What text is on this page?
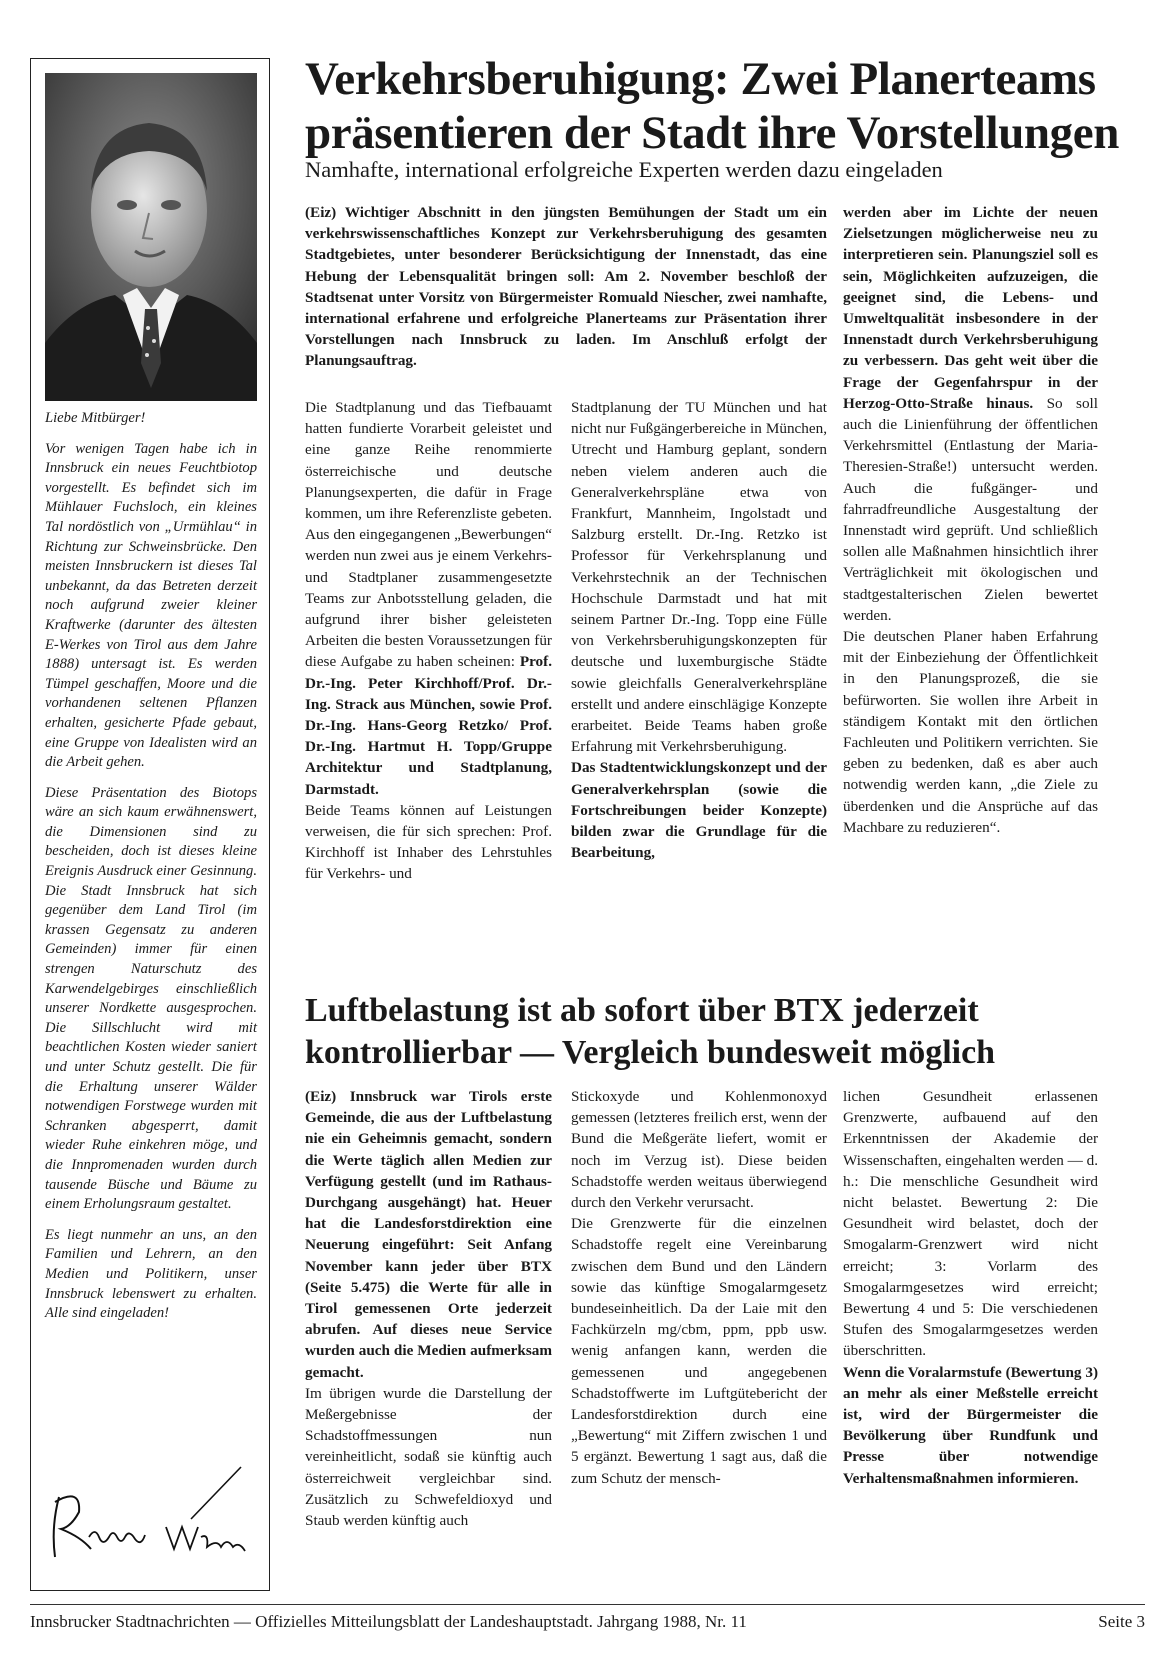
Liebe Mitbürger!

Vor wenigen Tagen habe ich in Innsbruck ein neues Feuchtbiotop vorgestellt. Es befindet sich im Mühlauer Fuchsloch, ein kleines Tal nordöstlich von „Urmühlau“ in Richtung zur Schweinsbrücke. Den meisten Innsbruckern ist dieses Tal unbekannt, da das Betreten derzeit noch aufgrund zweier kleiner Kraftwerke (darunter des ältesten E-Werkes von Tirol aus dem Jahre 1888) untersagt ist. Es werden Tümpel geschaffen, Moore und die vorhandenen seltenen Pflanzen erhalten, gesicherte Pfade gebaut, eine Gruppe von Idealisten wird an die Arbeit gehen.

Diese Präsentation des Biotops wäre an sich kaum erwähnenswert, die Dimensionen sind zu bescheiden, doch ist dieses kleine Ereignis Ausdruck einer Gesinnung. Die Stadt Innsbruck hat sich gegenüber dem Land Tirol (im krassen Gegensatz zu anderen Gemeinden) immer für einen strengen Naturschutz des Karwendelgebirges einschließlich unserer Nordkette ausgesprochen. Die Sillschlucht wird mit beachtlichen Kosten wieder saniert und unter Schutz gestellt. Die für die Erhaltung unserer Wälder notwendigen Forstwege wurden mit Schranken abgesperrt, damit wieder Ruhe einkehren möge, und die Innpromenaden wurden durch tausende Büsche und Bäume zu einem Erholungsraum gestaltet.

Es liegt nunmehr an uns, an den Familien und Lehrern, an den Medien und Politikern, unser Innsbruck lebenswert zu erhalten. Alle sind eingeladen!

Verkehrsberuhigung: Zwei Planerteams präsentieren der Stadt ihre Vorstellungen
Namhafte, international erfolgreiche Experten werden dazu eingeladen

(Eiz) Wichtiger Abschnitt in den jüngsten Bemühungen der Stadt um ein verkehrswissenschaftliches Konzept zur Verkehrsberuhigung des gesamten Stadtgebietes, unter besonderer Berücksichtigung der Innenstadt, das eine Hebung der Lebensqualität bringen soll: Am 2. November beschloß der Stadtsenat unter Vorsitz von Bürgermeister Romuald Niescher, zwei namhafte, international erfahrene und erfolgreiche Planerteams zur Präsentation ihrer Vorstellungen nach Innsbruck zu laden. Im Anschluß erfolgt der Planungsauftrag.

Die Stadtplanung und das Tiefbauamt hatten fundierte Vorarbeit geleistet und eine ganze Reihe renommierte österreichische und deutsche Planungsexperten, die dafür in Frage kommen, um ihre Referenzliste gebeten. Aus den eingegangenen „Bewerbungen“ werden nun zwei aus je einem Verkehrs- und Stadtplaner zusammengesetzte Teams zur Anbotsstellung geladen, die aufgrund ihrer bisher geleisteten Arbeiten die besten Voraussetzungen für diese Aufgabe zu haben scheinen: Prof. Dr.-Ing. Peter Kirchhoff/Prof. Dr.-Ing. Strack aus München, sowie Prof. Dr.-Ing. Hans-Georg Retzko/ Prof. Dr.-Ing. Hartmut H. Topp/Gruppe Architektur und Stadtplanung, Darmstadt.

Beide Teams können auf Leistungen verweisen, die für sich sprechen: Prof. Kirchhoff ist Inhaber des Lehrstuhles für Verkehrs- und

Stadtplanung der TU München und hat nicht nur Fußgängerbereiche in München, Utrecht und Hamburg geplant, sondern neben vielem anderen auch die Generalverkehrspläne etwa von Frankfurt, Mannheim, Ingolstadt und Salzburg erstellt. Dr.-Ing. Retzko ist Professor für Verkehrsplanung und Verkehrstechnik an der Technischen Hochschule Darmstadt und hat mit seinem Partner Dr.-Ing. Topp eine Fülle von Verkehrsberuhigungskonzepten für deutsche und luxemburgische Städte sowie gleichfalls Generalverkehrspläne erstellt und andere einschlägige Konzepte erarbeitet. Beide Teams haben große Erfahrung mit Verkehrsberuhigung.

Das Stadtentwicklungskonzept und der Generalverkehrsplan (sowie die Fortschreibungen beider Konzepte) bilden zwar die Grundlage für die Bearbeitung,

werden aber im Lichte der neuen Zielsetzungen möglicherweise neu zu interpretieren sein. Planungsziel soll es sein, Möglichkeiten aufzuzeigen, die geeignet sind, die Lebens- und Umweltqualität insbesondere in der Innenstadt durch Verkehrsberuhigung zu verbessern. Das geht weit über die Frage der Gegenfahrspur in der Herzog-Otto-Straße hinaus. So soll auch die Linienführung der öffentlichen Verkehrsmittel (Entlastung der Maria-Theresien-Straße!) untersucht werden. Auch die fußgänger- und fahrradfreundliche Ausgestaltung der Innenstadt wird geprüft. Und schließlich sollen alle Maßnahmen hinsichtlich ihrer Verträglichkeit mit ökologischen und stadtgestalterischen Zielen bewertet werden.

Die deutschen Planer haben Erfahrung mit der Einbeziehung der Öffentlichkeit in den Planungsprozeß, die sie befürworten. Sie wollen ihre Arbeit in ständigem Kontakt mit den örtlichen Fachleuten und Politikern verrichten. Sie geben zu bedenken, daß es aber auch notwendig werden kann, „die Ziele zu überdenken und die Ansprüche auf das Machbare zu reduzieren“.

Luftbelastung ist ab sofort über BTX jederzeit kontrollierbar — Vergleich bundesweit möglich

(Eiz) Innsbruck war Tirols erste Gemeinde, die aus der Luftbelastung nie ein Geheimnis gemacht, sondern die Werte täglich allen Medien zur Verfügung gestellt (und im Rathaus-Durchgang ausgehängt) hat. Heuer hat die Landesforstdirektion eine Neuerung eingeführt: Seit Anfang November kann jeder über BTX (Seite 5.475) die Werte für alle in Tirol gemessenen Orte jederzeit abrufen. Auf dieses neue Service wurden auch die Medien aufmerksam gemacht.

Im übrigen wurde die Darstellung der Meßergebnisse der Schadstoffmessungen nun vereinheitlicht, sodaß sie künftig auch österreichweit vergleichbar sind. Zusätzlich zu Schwefeldioxyd und Staub werden künftig auch

Stickoxyde und Kohlenmonoxyd gemessen (letzteres freilich erst, wenn der Bund die Meßgeräte liefert, womit er noch im Verzug ist). Diese beiden Schadstoffe werden weitaus überwiegend durch den Verkehr verursacht.

Die Grenzwerte für die einzelnen Schadstoffe regelt eine Vereinbarung zwischen dem Bund und den Ländern sowie das künftige Smogalarmgesetz bundeseinheitlich. Da der Laie mit den Fachkürzeln mg/cbm, ppm, ppb usw. wenig anfangen kann, werden die gemessenen und angegebenen Schadstoffwerte im Luftgütebericht der Landesforstdirektion durch eine „Bewertung“ mit Ziffern zwischen 1 und 5 ergänzt. Bewertung 1 sagt aus, daß die zum Schutz der mensch-

lichen Gesundheit erlassenen Grenzwerte, aufbauend auf den Erkenntnissen der Akademie der Wissenschaften, eingehalten werden — d. h.: Die menschliche Gesundheit wird nicht belastet. Bewertung 2: Die Gesundheit wird belastet, doch der Smogalarm-Grenzwert wird nicht erreicht; 3: Vorlarm des Smogalarmgesetzes wird erreicht; Bewertung 4 und 5: Die verschiedenen Stufen des Smogalarmgesetzes werden überschritten.

Wenn die Voralarmstufe (Bewertung 3) an mehr als einer Meßstelle erreicht ist, wird der Bürgermeister die Bevölkerung über Rundfunk und Presse über notwendige Verhaltensmaßnahmen informieren.

Innsbrucker Stadtnachrichten — Offizielles Mitteilungsblatt der Landeshauptstadt. Jahrgang 1988, Nr. 11	Seite 3
